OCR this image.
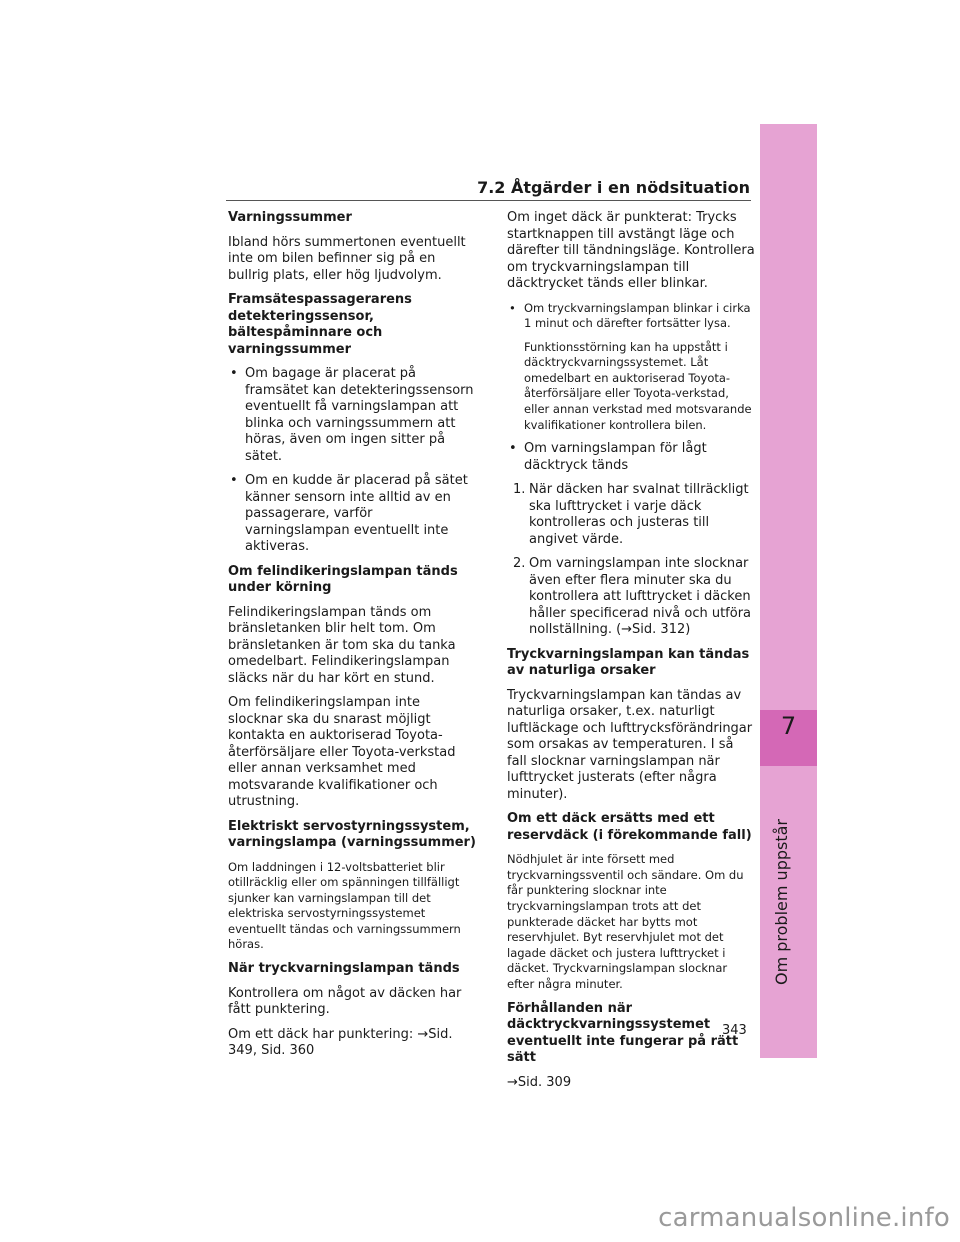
7
Om problem uppstår
7.2 Åtgärder i en nödsituation

Varningssummer

Ibland hörs summertonen eventuellt inte om bilen befinner sig på en bullrig plats, eller hög ljudvolym.

Framsätespassagerarens detekteringssensor, bältespåminnare och varningssummer

• Om bagage är placerat på framsätet kan detekteringssensorn eventuellt få varningslampan att blinka och varningssummern att höras, även om ingen sitter på sätet.
• Om en kudde är placerad på sätet känner sensorn inte alltid av en passagerare, varför varningslampan eventuellt inte aktiveras.

Om felindikeringslampan tänds under körning

Felindikeringslampan tänds om bränsletanken blir helt tom. Om bränsletanken är tom ska du tanka omedelbart. Felindikeringslampan släcks när du har kört en stund.

Om felindikeringslampan inte slocknar ska du snarast möjligt kontakta en auktoriserad Toyota-återförsäljare eller Toyota-verkstad eller annan verksamhet med motsvarande kvalifikationer och utrustning.

Elektriskt servostyrningssystem, varningslampa (varningssummer)

Om laddningen i 12-voltsbatteriet blir otillräcklig eller om spänningen tillfälligt sjunker kan varningslampan till det elektriska servostyrningssystemet eventuellt tändas och varningssummern höras.

När tryckvarningslampan tänds

Kontrollera om något av däcken har fått punktering.

Om ett däck har punktering: →Sid. 349, Sid. 360

Om inget däck är punkterat: Trycks startknappen till avstängt läge och därefter till tändningsläge. Kontrollera om tryckvarningslampan till däcktrycket tänds eller blinkar.

• Om tryckvarningslampan blinkar i cirka 1 minut och därefter fortsätter lysa.

Funktionsstörning kan ha uppstått i däcktryckvarningssystemet. Låt omedelbart en auktoriserad Toyota-återförsäljare eller Toyota-verkstad, eller annan verkstad med motsvarande kvalifikationer kontrollera bilen.

• Om varningslampan för lågt däcktryck tänds
1. När däcken har svalnat tillräckligt ska lufttrycket i varje däck kontrolleras och justeras till angivet värde.
2. Om varningslampan inte slocknar även efter flera minuter ska du kontrollera att lufttrycket i däcken håller specificerad nivå och utföra nollställning. (→Sid. 312)

Tryckvarningslampan kan tändas av naturliga orsaker

Tryckvarningslampan kan tändas av naturliga orsaker, t.ex. naturligt luftläckage och lufttrycksförändringar som orsakas av temperaturen. I så fall slocknar varningslampan när lufttrycket justerats (efter några minuter).

Om ett däck ersätts med ett reservdäck (i förekommande fall)

Nödhjulet är inte försett med tryckvarningssventil och sändare. Om du får punktering slocknar inte tryckvarningslampan trots att det punkterade däcket har bytts mot reservhjulet. Byt reservhjulet mot det lagade däcket och justera lufttrycket i däcket. Tryckvarningslampan slocknar efter några minuter.

Förhållanden när däcktryckvarningssystemet eventuellt inte fungerar på rätt sätt

→Sid. 309

343
carmanualsonline.info
